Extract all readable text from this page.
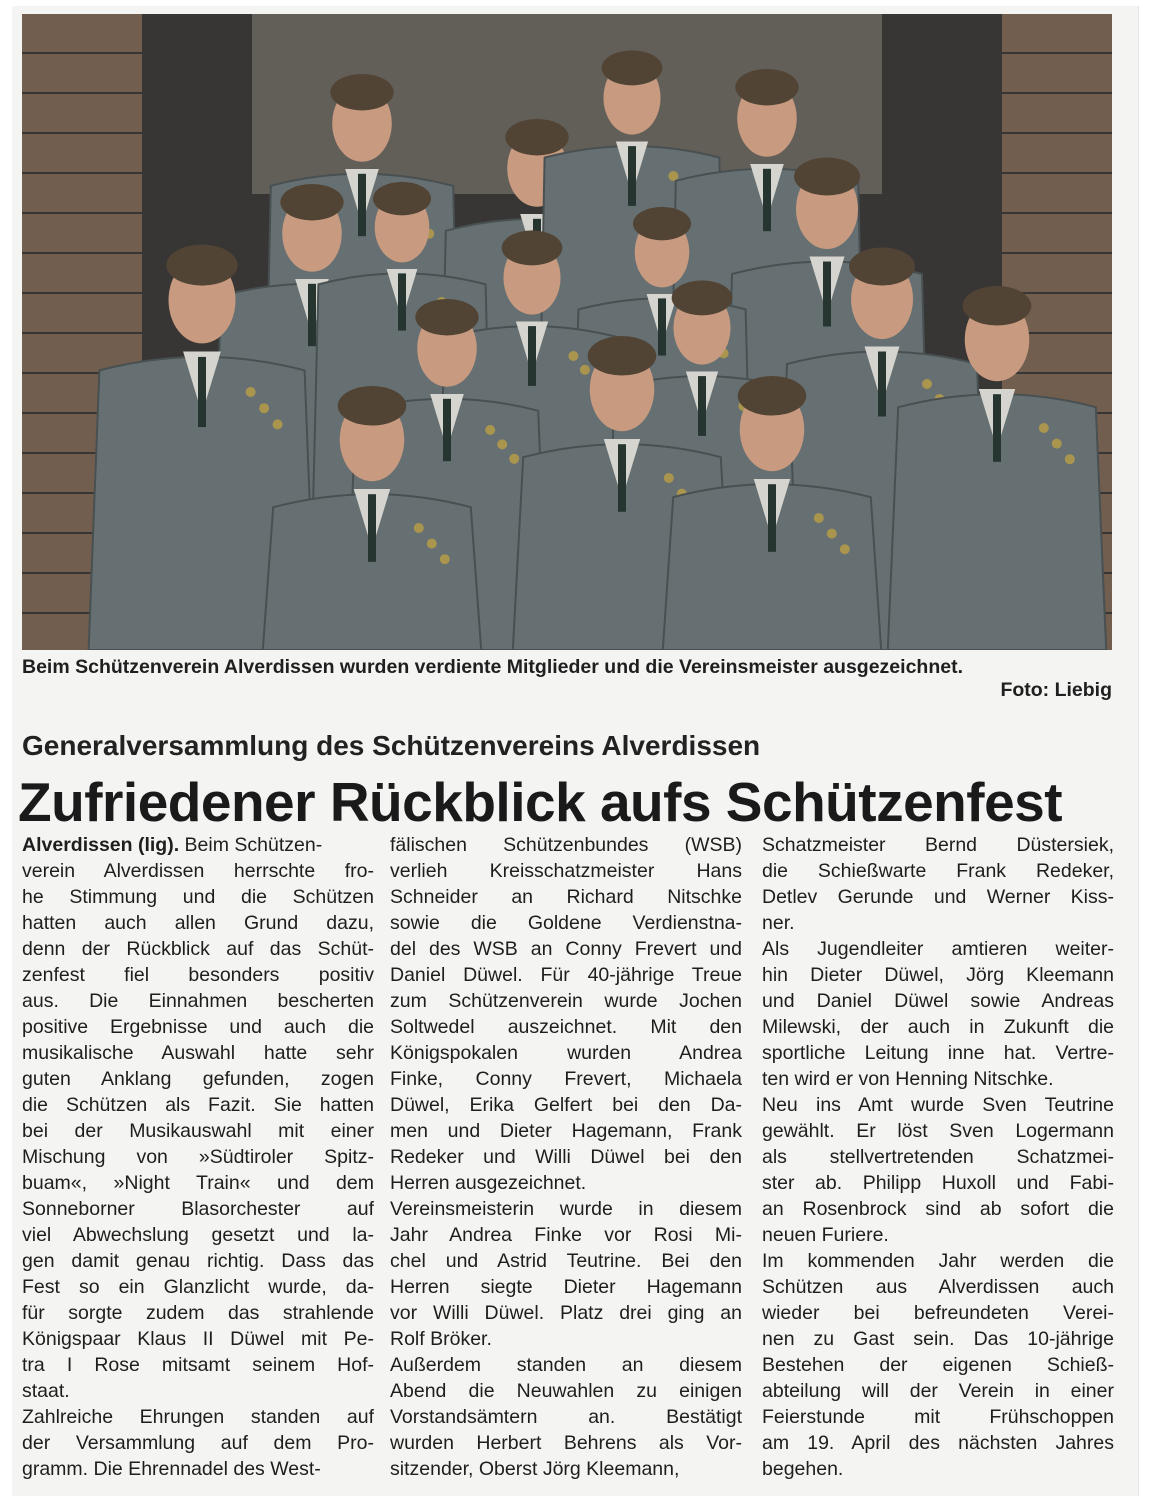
Beim Schützenverein Alverdissen wurden verdiente Mitglieder und die Vereinsmeister ausgezeichnet.
Foto: Liebig
Generalversammlung des Schützenvereins Alverdissen
Zufriedener Rückblick aufs Schützenfest
Alverdissen (lig). Beim Schützen-
verein Alverdissen herrschte fro-
he Stimmung und die Schützen
hatten auch allen Grund dazu,
denn der Rückblick auf das Schüt-
zenfest fiel besonders positiv
aus. Die Einnahmen bescherten
positive Ergebnisse und auch die
musikalische Auswahl hatte sehr
guten Anklang gefunden, zogen
die Schützen als Fazit. Sie hatten
bei der Musikauswahl mit einer
Mischung von »Südtiroler Spitz-
buam«, »Night Train« und dem
Sonneborner Blasorchester auf
viel Abwechslung gesetzt und la-
gen damit genau richtig. Dass das
Fest so ein Glanzlicht wurde, da-
für sorgte zudem das strahlende
Königspaar Klaus II Düwel mit Pe-
tra I Rose mitsamt seinem Hof-
staat.
Zahlreiche Ehrungen standen auf
der Versammlung auf dem Pro-
gramm. Die Ehrennadel des West-
fälischen Schützenbundes (WSB)
verlieh Kreisschatzmeister Hans
Schneider an Richard Nitschke
sowie die Goldene Verdienstna-
del des WSB an Conny Frevert und
Daniel Düwel. Für 40-jährige Treue
zum Schützenverein wurde Jochen
Soltwedel auszeichnet. Mit den
Königspokalen wurden Andrea
Finke, Conny Frevert, Michaela
Düwel, Erika Gelfert bei den Da-
men und Dieter Hagemann, Frank
Redeker und Willi Düwel bei den
Herren ausgezeichnet.
Vereinsmeisterin wurde in diesem
Jahr Andrea Finke vor Rosi Mi-
chel und Astrid Teutrine. Bei den
Herren siegte Dieter Hagemann
vor Willi Düwel. Platz drei ging an
Rolf Bröker.
Außerdem standen an diesem
Abend die Neuwahlen zu einigen
Vorstandsämtern an. Bestätigt
wurden Herbert Behrens als Vor-
sitzender, Oberst Jörg Kleemann,
Schatzmeister Bernd Düstersiek,
die Schießwarte Frank Redeker,
Detlev Gerunde und Werner Kiss-
ner.
Als Jugendleiter amtieren weiter-
hin Dieter Düwel, Jörg Kleemann
und Daniel Düwel sowie Andreas
Milewski, der auch in Zukunft die
sportliche Leitung inne hat. Vertre-
ten wird er von Henning Nitschke.
Neu ins Amt wurde Sven Teutrine
gewählt. Er löst Sven Logermann
als stellvertretenden Schatzmei-
ster ab. Philipp Huxoll und Fabi-
an Rosenbrock sind ab sofort die
neuen Furiere.
Im kommenden Jahr werden die
Schützen aus Alverdissen auch
wieder bei befreundeten Verei-
nen zu Gast sein. Das 10-jährige
Bestehen der eigenen Schieß-
abteilung will der Verein in einer
Feierstunde mit Frühschoppen
am 19. April des nächsten Jahres
begehen.
